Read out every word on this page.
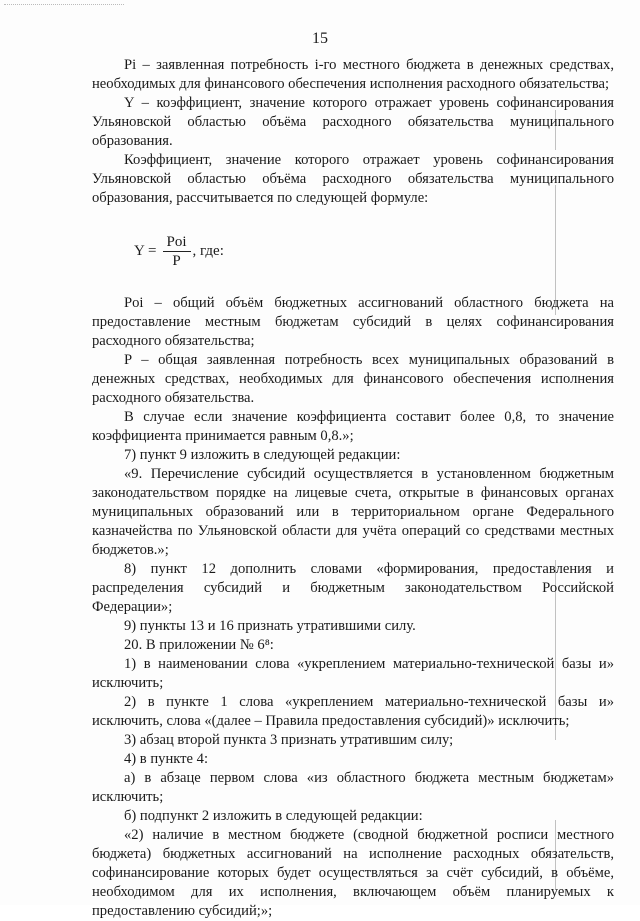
15

Pi – заявленная потребность i-го местного бюджета в денежных средствах, необходимых для финансового обеспечения исполнения расходного обязательства;

Y – коэффициент, значение которого отражает уровень софинансирования Ульяновской областью объёма расходного обязательства муниципального образования.

Коэффициент, значение которого отражает уровень софинансирования Ульяновской областью объёма расходного обязательства муниципального образования, рассчитывается по следующей формуле:

$Y = \frac{\text{Poi}}{P}$ , где:

Poi – общий объём бюджетных ассигнований областного бюджета на предоставление местным бюджетам субсидий в целях софинансирования расходного обязательства;

P – общая заявленная потребность всех муниципальных образований в денежных средствах, необходимых для финансового обеспечения исполнения расходного обязательства.

В случае если значение коэффициента составит более 0,8, то значение коэффициента принимается равным 0,8.»;

7) пункт 9 изложить в следующей редакции:

«9. Перечисление субсидий осуществляется в установленном бюджетным законодательством порядке на лицевые счета, открытые в финансовых органах муниципальных образований или в территориальном органе Федерального казначейства по Ульяновской области для учёта операций со средствами местных бюджетов.»;

8) пункт 12 дополнить словами «формирования, предоставления и распределения субсидий и бюджетным законодательством Российской Федерации»;

9) пункты 13 и 16 признать утратившими силу.

20. В приложении № 6⁸:

1) в наименовании слова «укреплением материально-технической базы и» исключить;

2) в пункте 1 слова «укреплением материально-технической базы и» исключить, слова «(далее – Правила предоставления субсидий)» исключить;

3) абзац второй пункта 3 признать утратившим силу;

4) в пункте 4:

а) в абзаце первом слова «из областного бюджета местным бюджетам» исключить;

б) подпункт 2 изложить в следующей редакции:

«2) наличие в местном бюджете (сводной бюджетной росписи местного бюджета) бюджетных ассигнований на исполнение расходных обязательств, софинансирование которых будет осуществляться за счёт субсидий, в объёме, необходимом для их исполнения, включающем объём планируемых к предоставлению субсидий;»;
